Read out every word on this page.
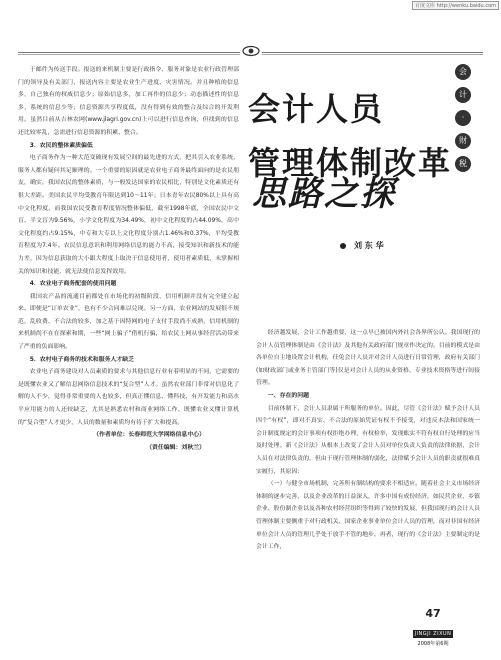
百度文库 http://wenku.baidu.com

于邮件为传送手段。报送的来机制主要是行政指令、服务对象是农业行政管理部门的领导及有关部门，报送内容主要是农业生产进度、灾害情况。并且种植的信息多，自己独有的权威信息少；原始信息多，加工再作的信息少；动态描述性的信息多，系统的信息少等；信息资源共享程度低，没有得到有效的整合及综合的开发利用。虽然目前从吉林农网(www.jlagri.gov.cn)上可以进行信息查询，但找到的信息还比较零乱，急需进行信息资源的积累、整合。

3．农民的整体素质偏低

电子商务作为一种大范变破现有发展空间的最先进的方式，把其引入农业系统，服务人都有疑问其足顺理的。一个重要的原因就是农业电子商务最终面向的是农民朋友，确实，我国农民的整体素质，与一般发达国家的农民相比，特别是文化素质还有很大差距。美国农民平均受教育年限达到10～11年；日本青年农民80%以上具有高中文化程度，而我国农民受教育程度情况整体偏低，截至1998年底，全国农民中文盲、半文盲为9.56%，小学文化程度为34.49%，初中文化程度的占44.09%，高中文化程度约占9.15%，中专和大专以上文化程度分别占1.46%和0.37%，平均受教育程度为7.4年。农民信息意识和利用网络信息的能力不高，接受知识和新技术的能力差，因为信息获取的大小跟大程度上取决于信息使用者，使用者素质低，未掌握相关的知识和技能，就无法使信息发挥效用。

4．农业电子商务配套的使用问题

我国农产品的流通目前都处在市场化的初级阶段，信用机制并没有完全建立起来。即便是“订单农业”，也有不少合同难以兑现。另一方面，农业网站的发展很不规范，乱收费、不合法的较多，加之基于因特网的电子支付手段尚不成熟，信用机制的来机制尚不在在探索和期，一些“网上骗子”借机行骗，给农民上网从事经营活动带来了严重的负面影响。

5．农村电子商务的技术和服务人才缺乏

农业电子商务建设对人员素质的要求与其他信息行业有着明显的不同，它需要的是既懂农业又了解信息网络信息技术的“复合型”人才。虽然农业部门非常对信息化了解的人不少，觉得非常重要的人也较多，但真正懂信息、懂科技、有开发能力和高水平应用能力的人还较缺乏，尤其是熟悉农村和商业网络工作、既懂农业又懂计算机的“复合型”人才更少，人员的数量和素质均有待于扩大和提高。

（作者单位：长春师范大学网络信息中心）

（责任编辑：刘秋兰）

会计人员
管理体制改革
思路之探
会
计
·
财
税
刘 东 华

经济越发展，会计工作越重要，这一点早已被国内外社会各界所公认。我国现行的会计人员管理体制是由《会计法》及其他有关政府部门规章作决定的。目前的模式是由各单位自主地设置会计机构，任免会计人员并对会计人员进行日常管理，政府有关部门(如财政部门或业务主管部门等)仅是对会计人员的从业资格、专业技术资格等进行间接管理。

一、存在的问题

目前体制下，会计人员隶属于所服务的单位。因此，尽管《会计法》赋予会计人员四个“有权”，即对不真实、不合法的原始凭证有权不予接受，对违反本法和国家统一会计制度规定的会计事项有权拒绝办理，有权检举，发现账实不符有权自行处理的应当及时处理。新《会计法》从根本上改变了会计人员对单位负责人负责的法律依据，会计人员在对法律负责的，但由于现行管理体制的弱化，法律赋予会计人员的职责就很难真实履行，其原因：

（一）与健全市场机制，完善所有制结构的要求不相适应。随着社会主义市场经济体制的逐步完善，以及企业改革的日益深入，许多中国有成份经济，如民营企业、乡镇企业、股份制企业以及各种农村经营组织等得到了较快的发展，但我国现行的会计人员管理体制主要侧重于对行政机关、国家企业事业单位会计人员的管理，而对非国有经济单位会计人员的管理几乎处于放手不管的地步。再者，现行的《会计法》主要制定的是会计工作，

47
JINGJI ZIXUN
2008年第6期
